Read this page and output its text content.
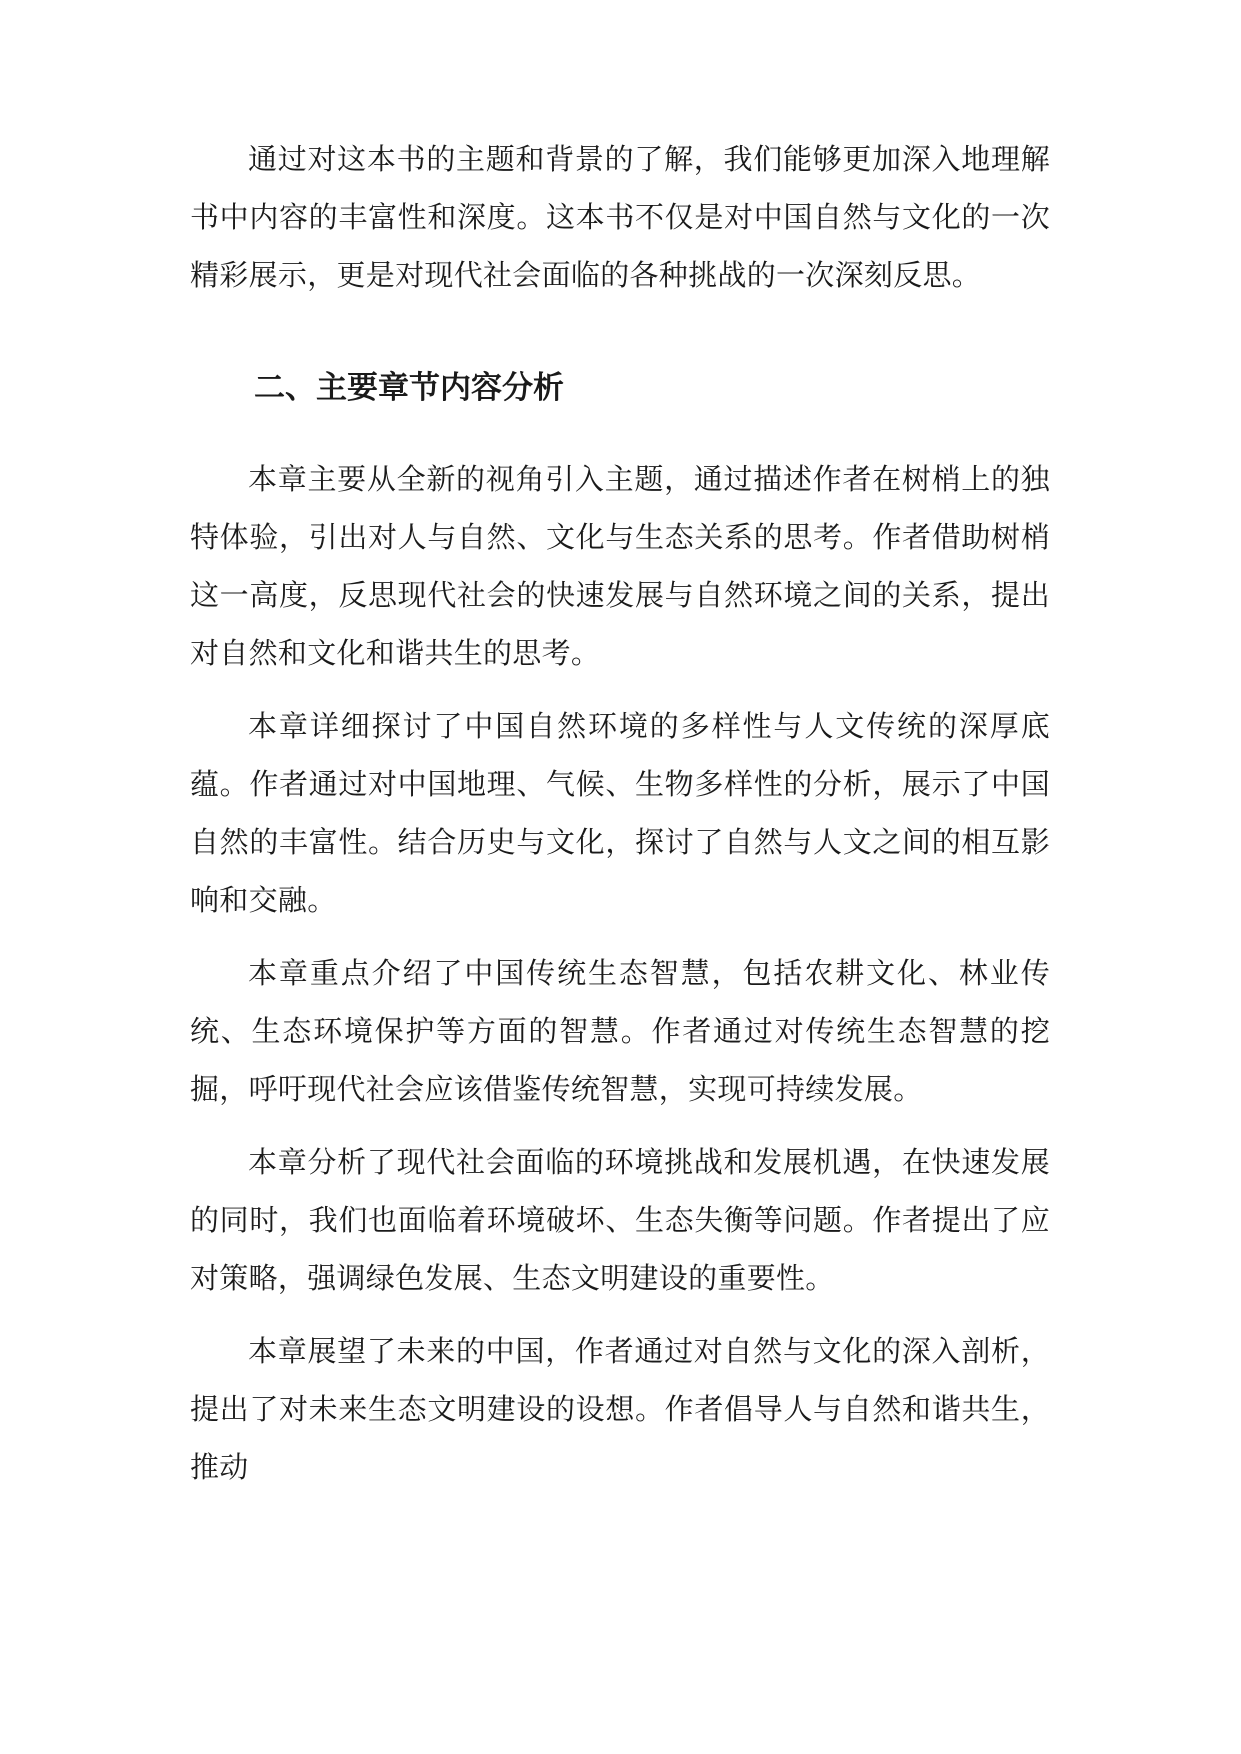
通过对这本书的主题和背景的了解，我们能够更加深入地理解书中内容的丰富性和深度。这本书不仅是对中国自然与文化的一次精彩展示，更是对现代社会面临的各种挑战的一次深刻反思。

二、主要章节内容分析

本章主要从全新的视角引入主题，通过描述作者在树梢上的独特体验，引出对人与自然、文化与生态关系的思考。作者借助树梢这一高度，反思现代社会的快速发展与自然环境之间的关系，提出对自然和文化和谐共生的思考。

本章详细探讨了中国自然环境的多样性与人文传统的深厚底蕴。作者通过对中国地理、气候、生物多样性的分析，展示了中国自然的丰富性。结合历史与文化，探讨了自然与人文之间的相互影响和交融。

本章重点介绍了中国传统生态智慧，包括农耕文化、林业传统、生态环境保护等方面的智慧。作者通过对传统生态智慧的挖掘，呼吁现代社会应该借鉴传统智慧，实现可持续发展。

本章分析了现代社会面临的环境挑战和发展机遇，在快速发展的同时，我们也面临着环境破坏、生态失衡等问题。作者提出了应对策略，强调绿色发展、生态文明建设的重要性。

本章展望了未来的中国，作者通过对自然与文化的深入剖析，提出了对未来生态文明建设的设想。作者倡导人与自然和谐共生，推动
